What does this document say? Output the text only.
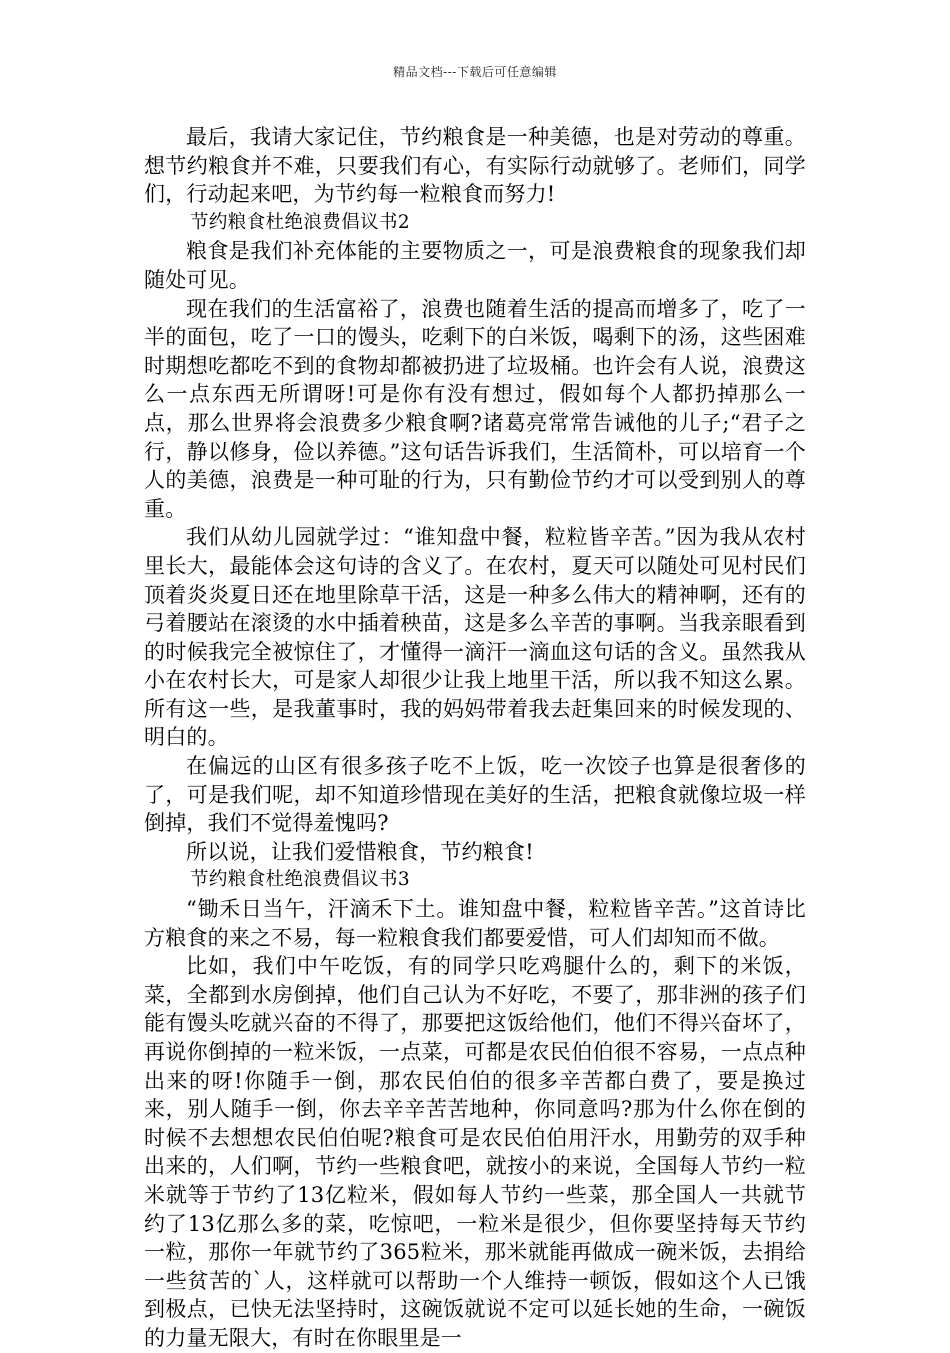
精品文档---下载后可任意编辑

最后，我请大家记住，节约粮食是一种美德，也是对劳动的尊重。想节约粮食并不难，只要我们有心，有实际行动就够了。老师们，同学们，行动起来吧，为节约每一粒粮食而努力!

节约粮食杜绝浪费倡议书2

粮食是我们补充体能的主要物质之一，可是浪费粮食的现象我们却随处可见。

现在我们的生活富裕了，浪费也随着生活的提高而增多了，吃了一半的面包，吃了一口的馒头，吃剩下的白米饭，喝剩下的汤，这些困难时期想吃都吃不到的食物却都被扔进了垃圾桶。也许会有人说，浪费这么一点东西无所谓呀!可是你有没有想过，假如每个人都扔掉那么一点，那么世界将会浪费多少粮食啊?诸葛亮常常告诫他的儿子;“君子之行，静以修身，俭以养德。”这句话告诉我们，生活简朴，可以培育一个人的美德，浪费是一种可耻的行为，只有勤俭节约才可以受到别人的尊重。

我们从幼儿园就学过：“谁知盘中餐，粒粒皆辛苦。”因为我从农村里长大，最能体会这句诗的含义了。在农村，夏天可以随处可见村民们顶着炎炎夏日还在地里除草干活，这是一种多么伟大的精神啊，还有的弓着腰站在滚烫的水中插着秧苗，这是多么辛苦的事啊。当我亲眼看到的时候我完全被惊住了，才懂得一滴汗一滴血这句话的含义。虽然我从小在农村长大，可是家人却很少让我上地里干活，所以我不知这么累。所有这一些，是我董事时，我的妈妈带着我去赶集回来的时候发现的、明白的。

在偏远的山区有很多孩子吃不上饭，吃一次饺子也算是很奢侈的了，可是我们呢，却不知道珍惜现在美好的生活，把粮食就像垃圾一样倒掉，我们不觉得羞愧吗?

所以说，让我们爱惜粮食，节约粮食!

节约粮食杜绝浪费倡议书3

“锄禾日当午，汗滴禾下土。谁知盘中餐，粒粒皆辛苦。”这首诗比方粮食的来之不易，每一粒粮食我们都要爱惜，可人们却知而不做。

比如，我们中午吃饭，有的同学只吃鸡腿什么的，剩下的米饭，菜，全都到水房倒掉，他们自己认为不好吃，不要了，那非洲的孩子们能有馒头吃就兴奋的不得了，那要把这饭给他们，他们不得兴奋坏了，再说你倒掉的一粒米饭，一点菜，可都是农民伯伯很不容易，一点点种出来的呀!你随手一倒，那农民伯伯的很多辛苦都白费了，要是换过来，别人随手一倒，你去辛辛苦苦地种，你同意吗?那为什么你在倒的时候不去想想农民伯伯呢?粮食可是农民伯伯用汗水，用勤劳的双手种出来的，人们啊，节约一些粮食吧，就按小的来说，全国每人节约一粒米就等于节约了13亿粒米，假如每人节约一些菜，那全国人一共就节约了13亿那么多的菜，吃惊吧，一粒米是很少，但你要坚持每天节约一粒，那你一年就节约了365粒米，那米就能再做成一碗米饭，去捐给一些贫苦的`人，这样就可以帮助一个人维持一顿饭，假如这个人已饿到极点，已快无法坚持时，这碗饭就说不定可以延长她的生命，一碗饭的力量无限大，有时在你眼里是一
